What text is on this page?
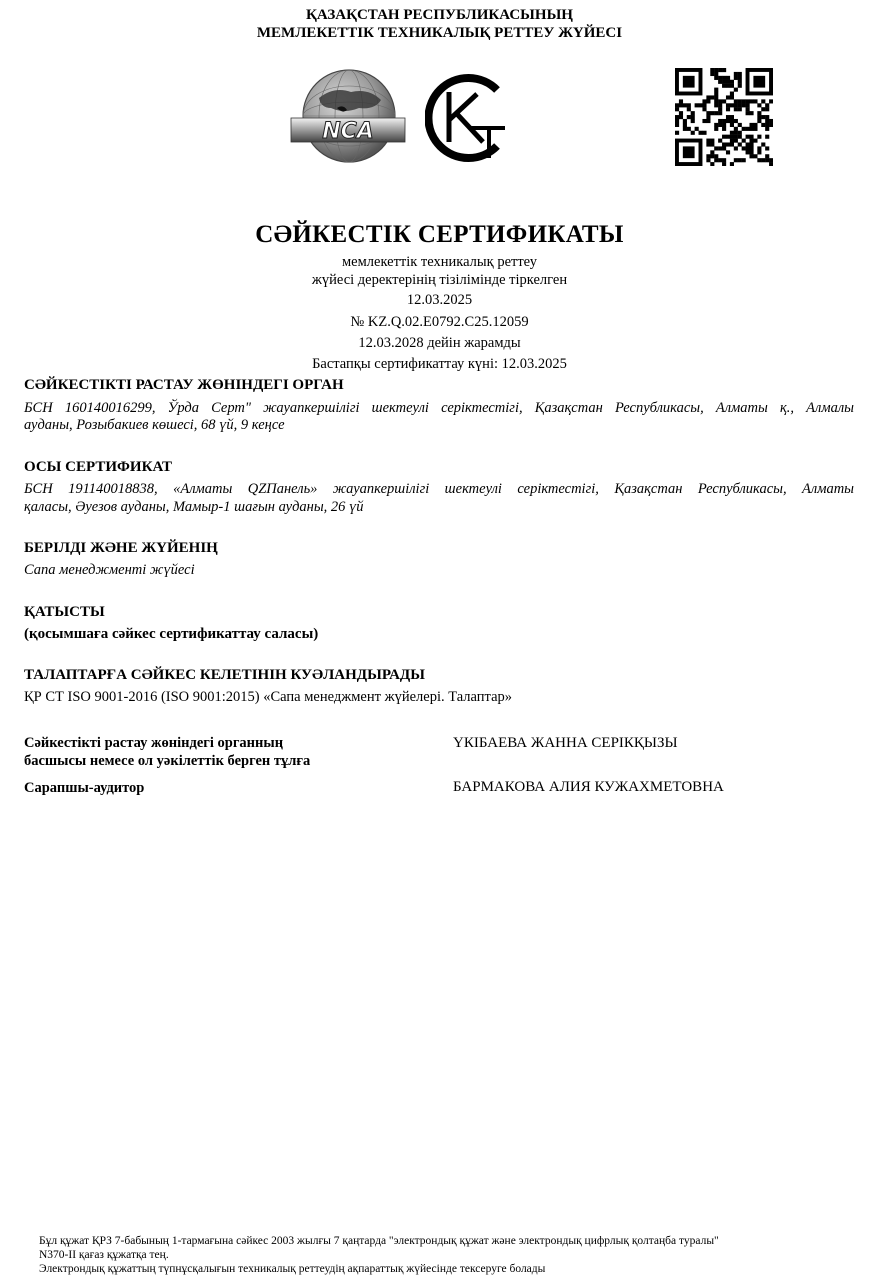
ҚАЗАҚСТАН РЕСПУБЛИКАСЫНЫҢ
МЕМЛЕКЕТТІК ТЕХНИКАЛЫҚ РЕТТЕУ ЖҮЙЕСІ
NCA
СӘЙКЕСТІК СЕРТИФИКАТЫ
мемлекеттік техникалық реттеу
жүйесі деректерінің тізілімінде тіркелген
12.03.2025
№ KZ.Q.02.E0792.C25.12059
12.03.2028 дейін жарамды
Бастапқы сертификаттау күні: 12.03.2025
СӘЙКЕСТІКТІ РАСТАУ ЖӨНІНДЕГІ ОРГАН
БСН 160140016299, Ўрда Серт" жауапкершілігі шектеулі серіктестігі, Қазақстан Республикасы, Алматы қ., Алмалы
ауданы, Розыбакиев көшесі, 68 үй, 9 кеңсе
ОСЫ СЕРТИФИКАТ
БСН 191140018838, «Алматы QZПанель» жауапкершілігі шектеулі серіктестігі, Қазақстан Республикасы, Алматы
қаласы, Әуезов ауданы, Мамыр-1 шағын ауданы, 26 үй
БЕРІЛДІ ЖӘНЕ ЖҮЙЕНІҢ
Сапа менеджменті жүйесі
ҚАТЫСТЫ
(қосымшаға сәйкес сертификаттау саласы)
ТАЛАПТАРҒА СӘЙКЕС КЕЛЕТІНІН КУӘЛАНДЫРАДЫ
ҚР СТ ISO 9001-2016 (ISO 9001:2015) «Сапа менеджмент жүйелері. Талаптар»
Сәйкестікті растау жөніндегі органның
басшысы немесе ол уәкілеттік берген тұлға
ҮКІБАЕВА ЖАННА СЕРІКҚЫЗЫ
Сарапшы-аудитор	БАРМАКОВА АЛИЯ КУЖАХМЕТОВНА
Бұл құжат ҚРЗ 7-бабының 1-тармағына сәйкес 2003 жылғы 7 қаңтарда "электрондық құжат және электрондық цифрлық қолтаңба туралы"
N370-II қағаз құжатқа тең.
Электрондық құжаттың түпнұсқалығын техникалық реттеудің ақпараттық жүйесінде тексеруге болады
